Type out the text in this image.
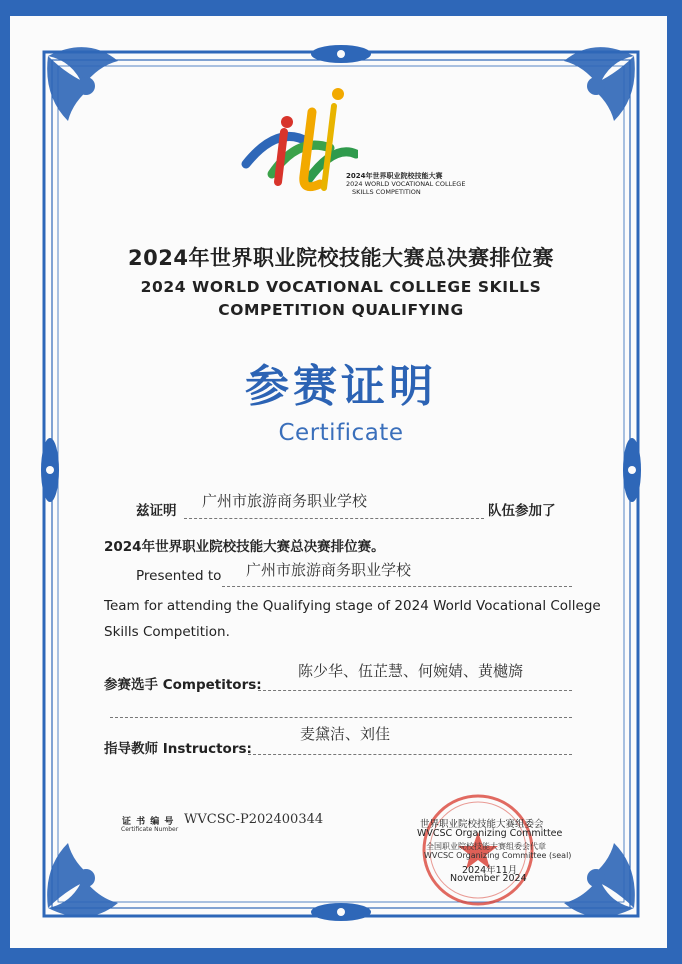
2024年世界职业院校技能大赛
2024 WORLD VOCATIONAL COLLEGE
SKILLS COMPETITION
2024年世界职业院校技能大赛总决赛排位赛
2024 WORLD VOCATIONAL COLLEGE SKILLS
COMPETITION QUALIFYING
参赛证明
Certificate
兹证明
广州市旅游商务职业学校
队伍参加了
2024年世界职业院校技能大赛总决赛排位赛。
Presented to 广州市旅游商务职业学校
Team for attending the Qualifying stage of 2024 World Vocational College
Skills Competition.
参赛选手 Competitors:
陈少华、伍芷慧、何婉婧、黄樾旖
指导教师 Instructors:
麦黛洁、刘佳
证 书 编 号
Certificate Number
WVCSC-P202400344	世界职业院校技能大赛组委会
WVCSC Organizing Committee
全国职业院校技能大赛组委会代章
WVCSC Organizing Committee (seal)
2024年11月
November 2024
